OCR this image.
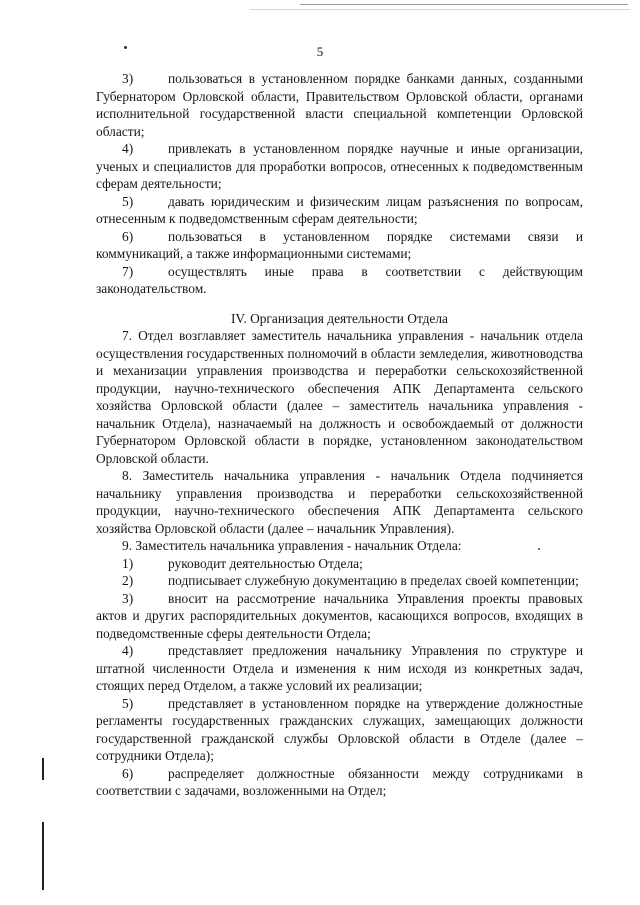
5

3)	пользоваться в установленном порядке банками данных, созданными Губернатором Орловской области, Правительством Орловской области, органами исполнительной государственной власти специальной компетенции Орловской области;

4)	привлекать в установленном порядке научные и иные организации, ученых и специалистов для проработки вопросов, отнесенных к подведомственным сферам деятельности;

5)	давать юридическим и физическим лицам разъяснения по вопросам, отнесенным к подведомственным сферам деятельности;

6)	пользоваться в установленном порядке системами связи и коммуникаций, а также информационными системами;

7)	осуществлять иные права в соответствии с действующим законодательством.

IV. Организация деятельности Отдела

7. Отдел возглавляет заместитель начальника управления - начальник отдела осуществления государственных полномочий в области земледелия, животноводства и механизации управления производства и переработки сельскохозяйственной продукции, научно-технического обеспечения АПК Департамента сельского хозяйства Орловской области (далее – заместитель начальника управления - начальник Отдела), назначаемый на должность и освобождаемый от должности Губернатором Орловской области в порядке, установленном законодательством Орловской области.

8. Заместитель начальника управления - начальник Отдела подчиняется начальнику управления производства и переработки сельскохозяйственной продукции, научно-технического обеспечения АПК Департамента сельского хозяйства Орловской области (далее – начальник Управления).

9. Заместитель начальника управления - начальник Отдела:

1)	руководит деятельностью Отдела;

2)	подписывает служебную документацию в пределах своей компетенции;

3)	вносит на рассмотрение начальника Управления проекты правовых актов и других распорядительных документов, касающихся вопросов, входящих в подведомственные сферы деятельности Отдела;

4)	представляет предложения начальнику Управления по структуре и штатной численности Отдела и изменения к ним исходя из конкретных задач, стоящих перед Отделом, а также условий их реализации;

5)	представляет в установленном порядке на утверждение должностные регламенты государственных гражданских служащих, замещающих должности государственной гражданской службы Орловской области в Отделе (далее – сотрудники Отдела);

6)	распределяет должностные обязанности между сотрудниками в соответствии с задачами, возложенными на Отдел;
